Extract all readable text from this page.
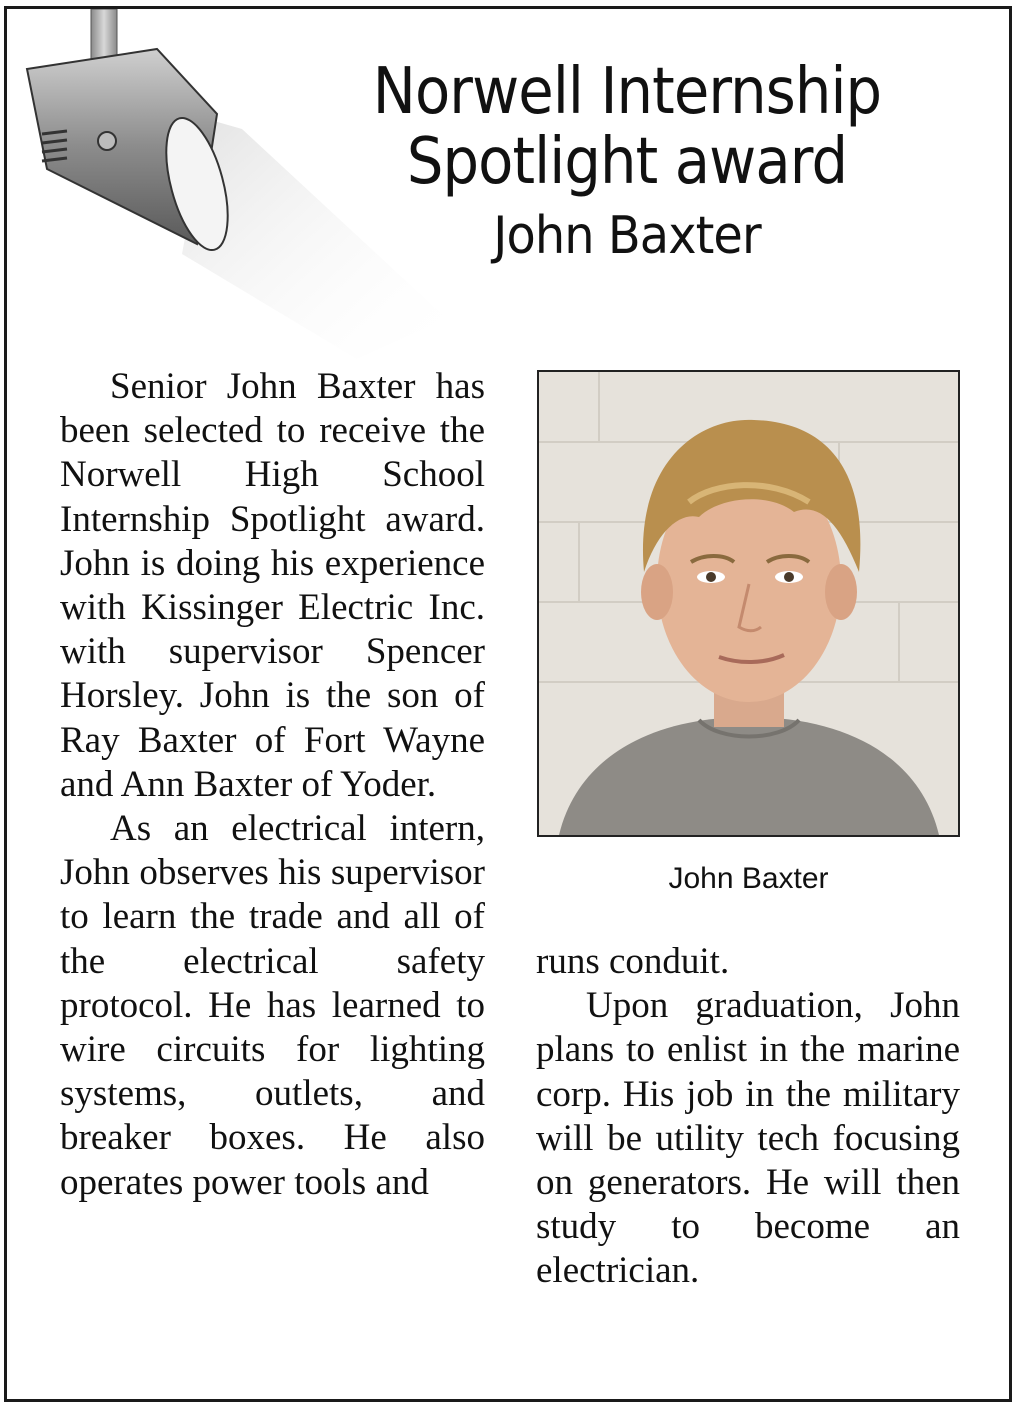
Norwell Internship
Spotlight award
John Baxter

Senior John Baxter has been selected to receive the Norwell High School Internship Spotlight award. John is doing his experience with Kissinger Electric Inc. with supervisor Spencer Horsley. John is the son of Ray Baxter of Fort Wayne and Ann Baxter of Yoder.

As an electrical intern, John observes his supervisor to learn the trade and all of the electrical safety protocol. He has learned to wire circuits for lighting systems, outlets, and breaker boxes. He also operates power tools and

John Baxter

runs conduit.

Upon graduation, John plans to enlist in the marine corp. His job in the military will be utility tech focusing on generators. He will then study to become an electrician.
